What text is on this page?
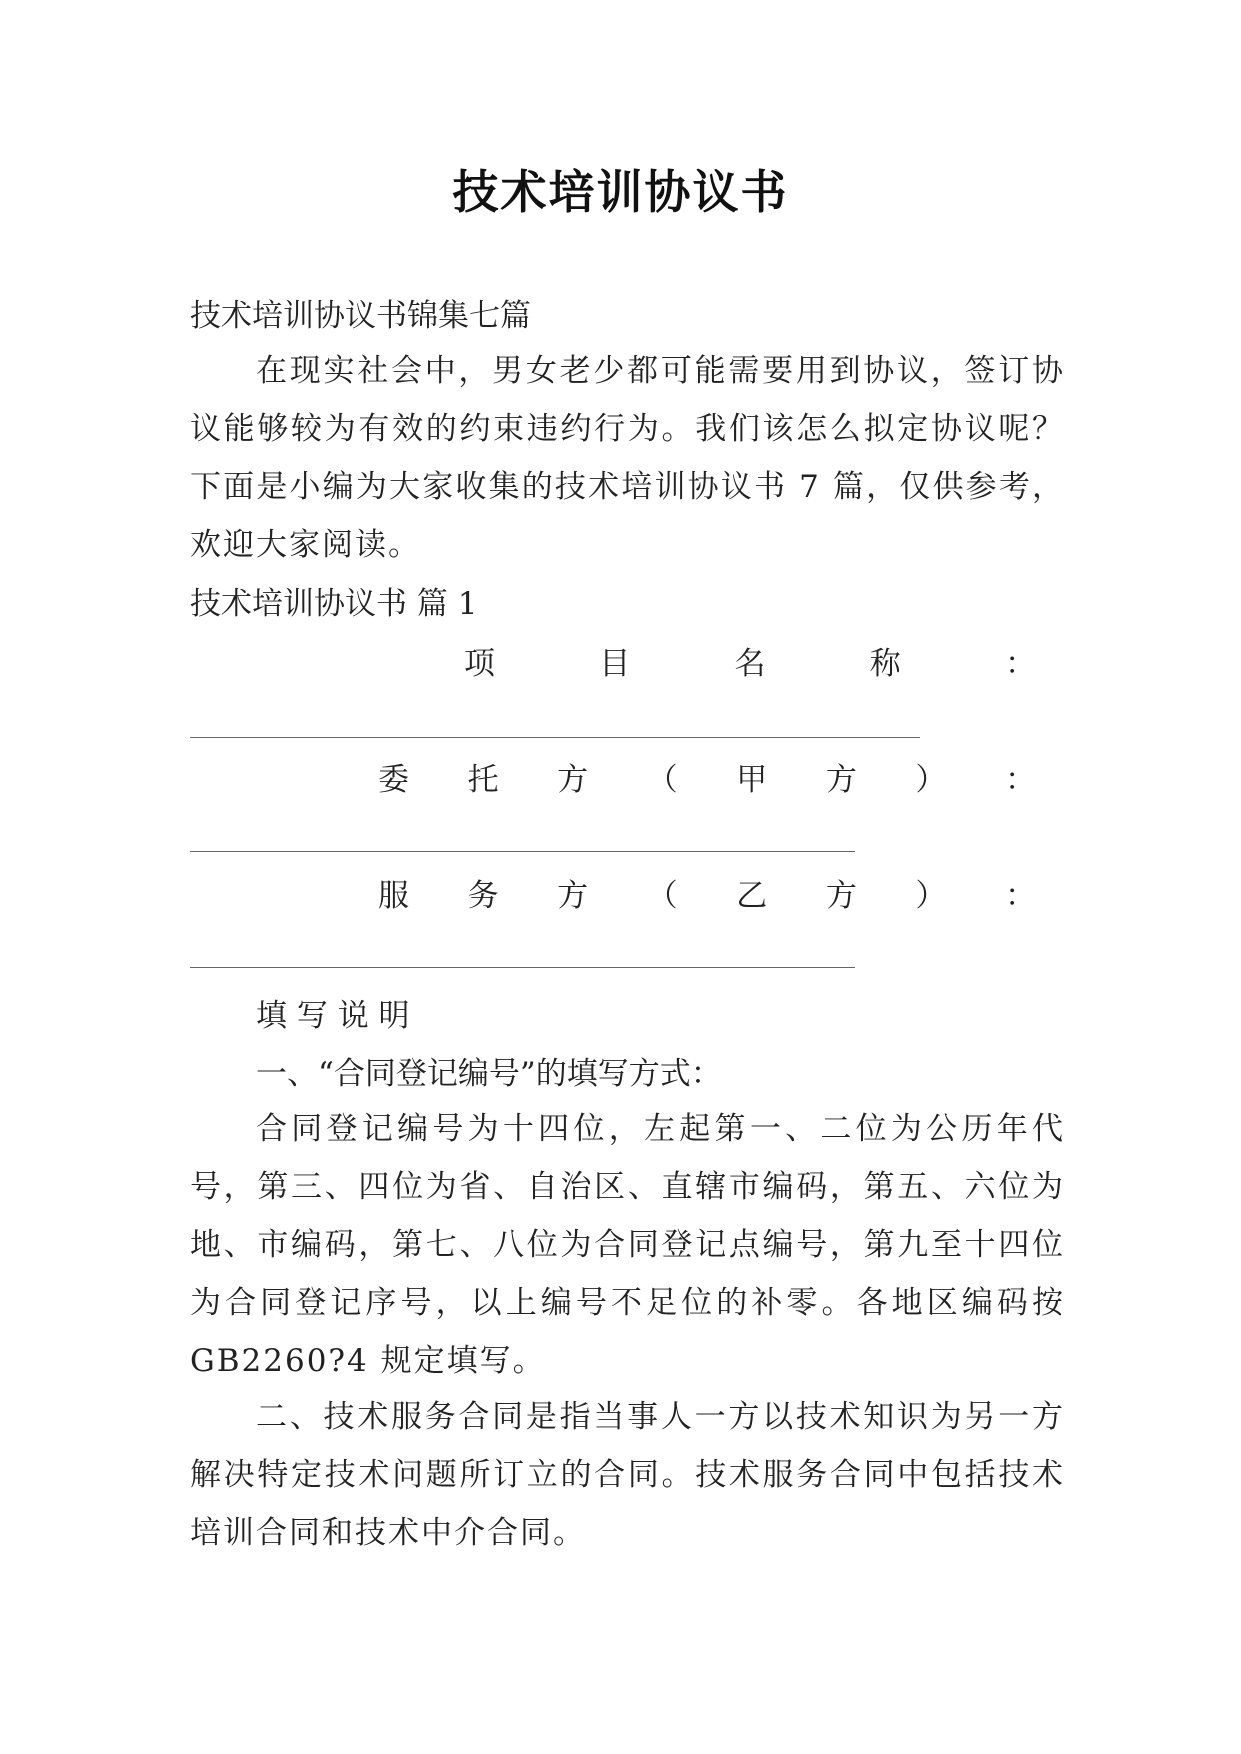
技术培训协议书
技术培训协议书锦集七篇
在现实社会中，男女老少都可能需要用到协议，签订协议能够较为有效的约束违约行为。我们该怎么拟定协议呢？下面是小编为大家收集的技术培训协议书 7 篇，仅供参考，欢迎大家阅读。
技术培训协议书 篇 1
项	目	名	称	：
委 托 方 （ 甲 方 ） ：
服 务 方 （ 乙 方 ） ：
填 写 说 明
一、“合同登记编号”的填写方式：
合同登记编号为十四位，左起第一、二位为公历年代号，第三、四位为省、自治区、直辖市编码，第五、六位为地、市编码，第七、八位为合同登记点编号，第九至十四位为合同登记序号，以上编号不足位的补零。各地区编码按 GB2260?4 规定填写。
二、技术服务合同是指当事人一方以技术知识为另一方解决特定技术问题所订立的合同。技术服务合同中包括技术培训合同和技术中介合同。
